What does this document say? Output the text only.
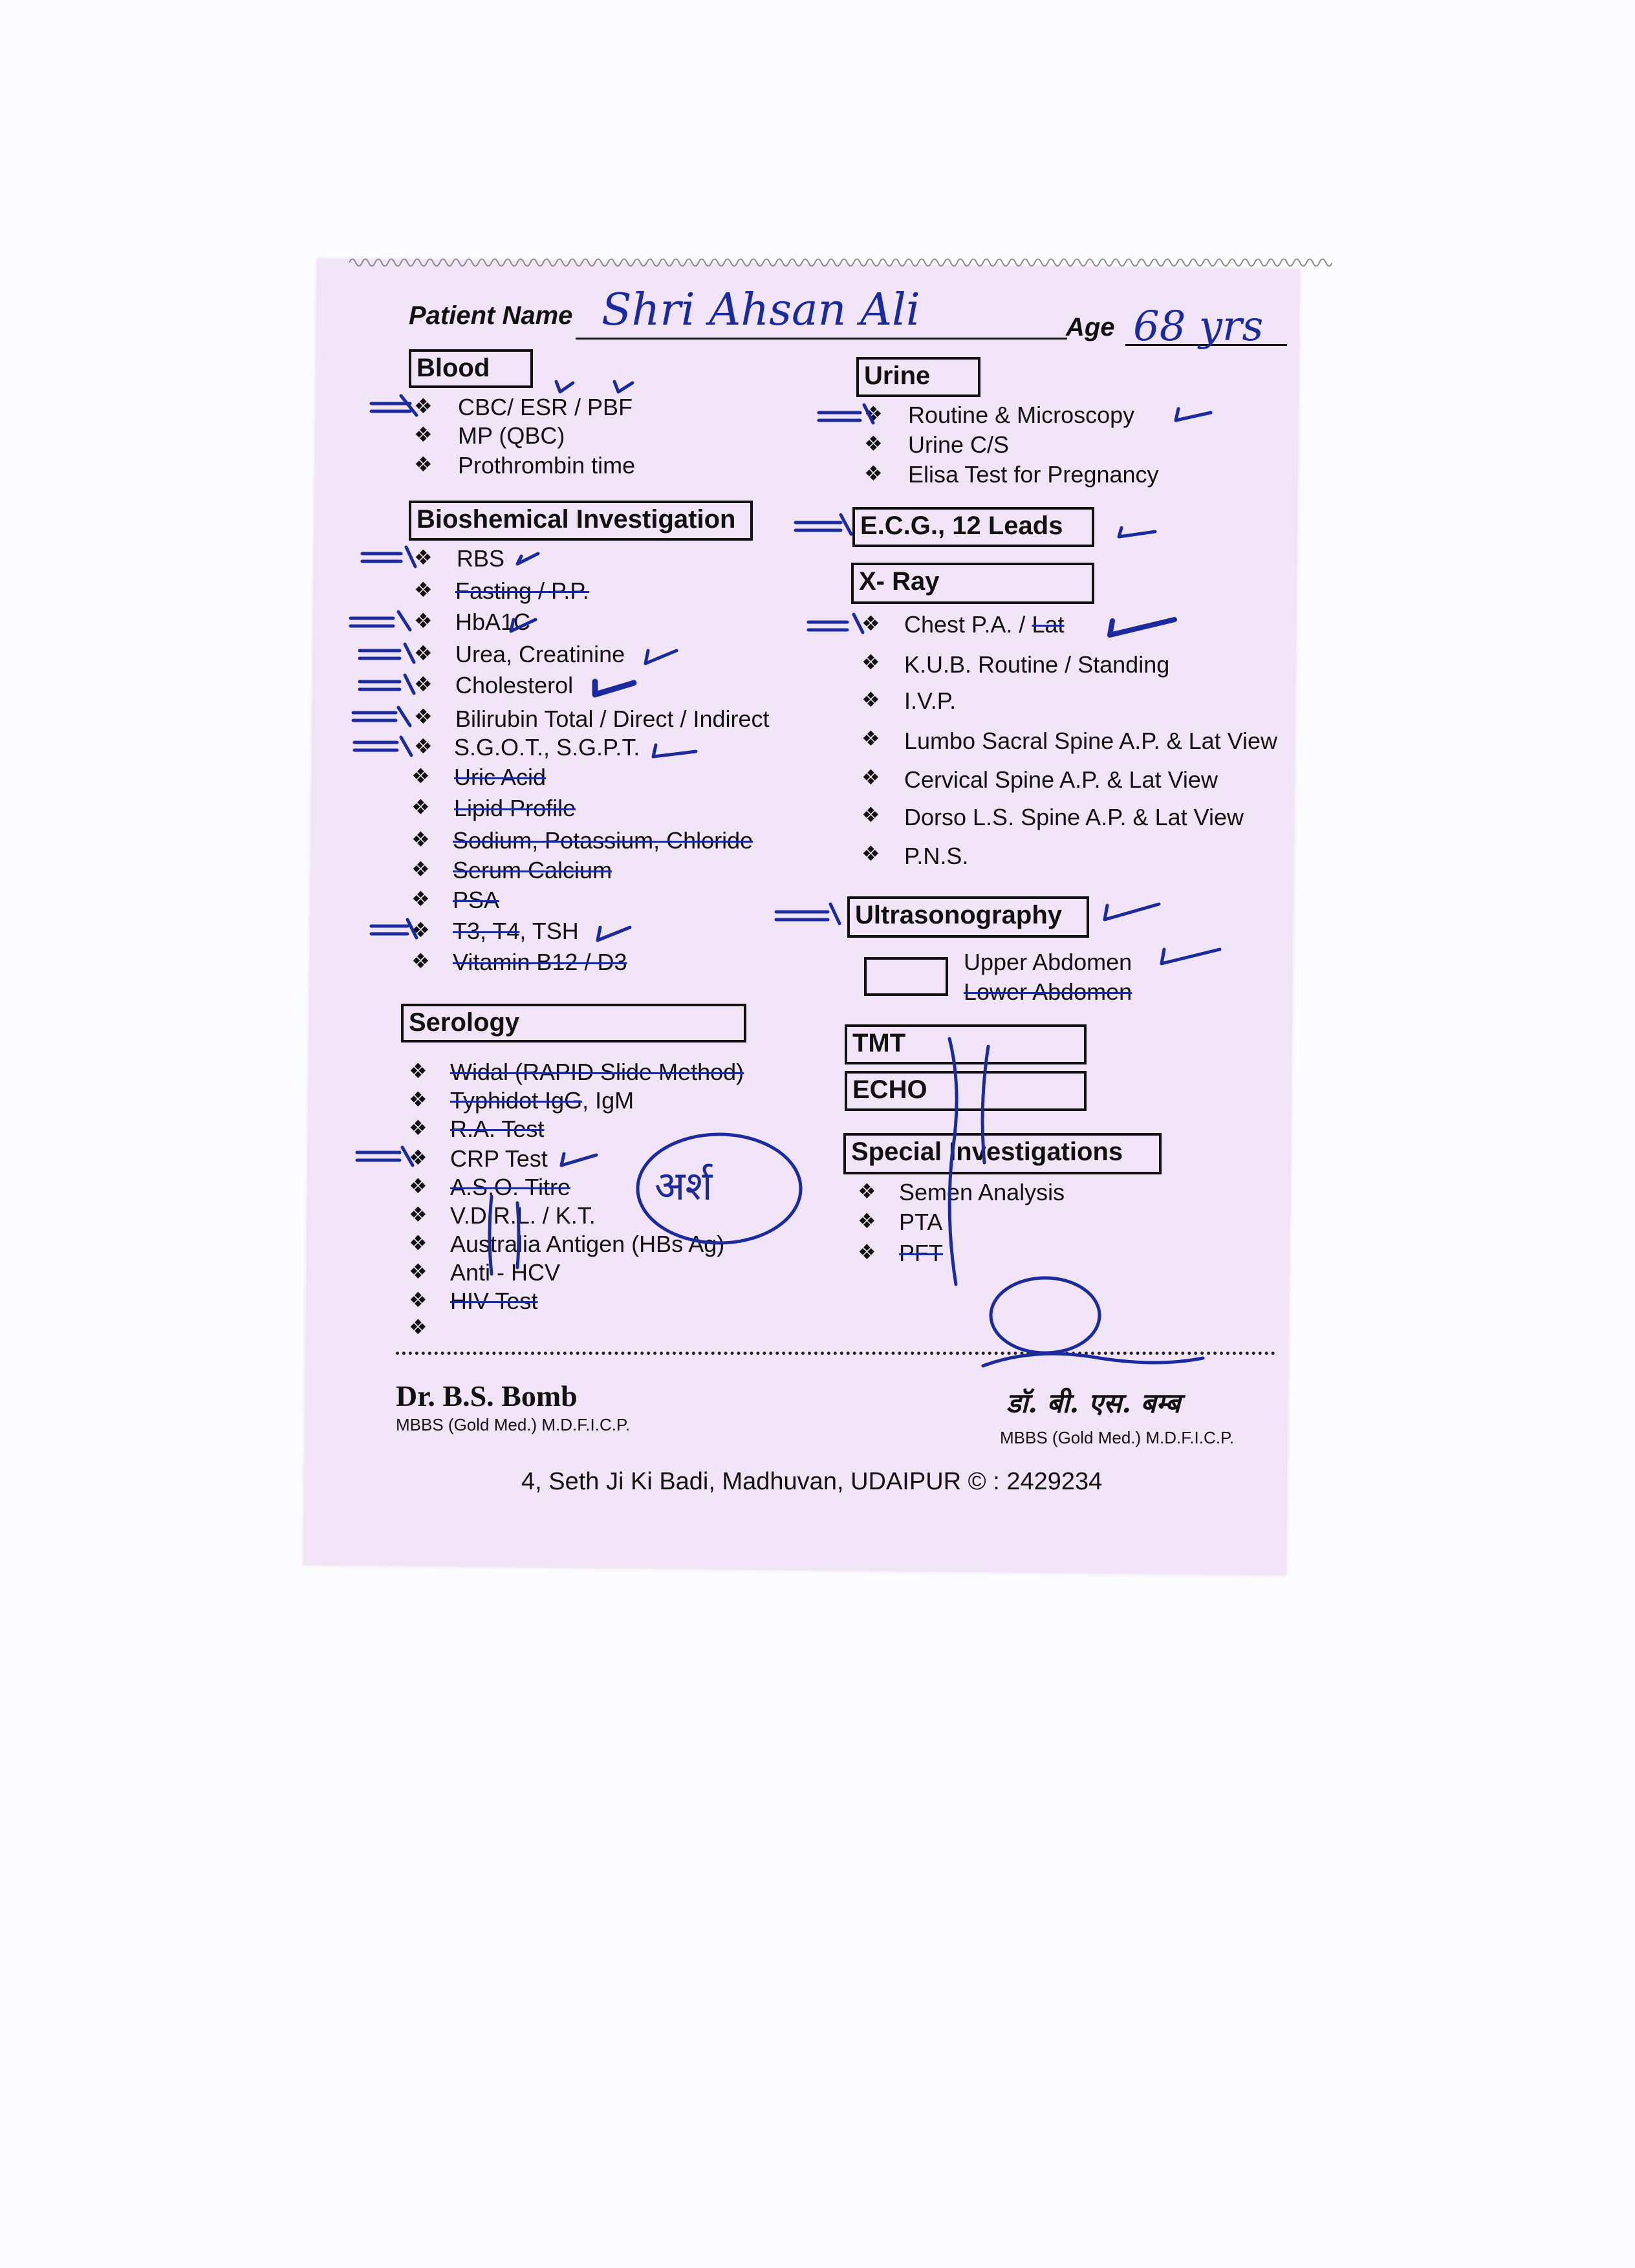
Patient Name Shri Ahsan Ali	Age 68 yrs
Blood
❖ CBC/ ESR / PBF
❖ MP (QBC)
❖ Prothrombin time
Bioshemical Investigation
❖ RBS
❖ Fasting / P.P.
❖ HbA1C
❖ Urea, Creatinine
❖ Cholesterol
❖ Bilirubin Total / Direct / Indirect
❖ S.G.O.T., S.G.P.T.
❖ Uric Acid
❖ Lipid Profile
❖ Sodium, Potassium, Chloride
❖ Serum Calcium
❖ PSA
❖ T3, T4, TSH
❖ Vitamin B12 / D3
Serology
❖ Widal (RAPID Slide Method)
❖ Typhidot IgG, IgM
❖ R.A. Test
❖ CRP Test
❖ A.S.O. Titre
❖ V.D.R.L. / K.T.
❖ Australia Antigen (HBs Ag)
❖ Anti - HCV
❖ HIV Test
❖
Urine
❖ Routine & Microscopy
❖ Urine C/S
❖ Elisa Test for Pregnancy
E.C.G., 12 Leads
X- Ray
❖ Chest P.A. / Lat
❖ K.U.B. Routine / Standing
❖ I.V.P.
❖ Lumbo Sacral Spine A.P. & Lat View
❖ Cervical Spine A.P. & Lat View
❖ Dorso L.S. Spine A.P. & Lat View
❖ P.N.S.
Ultrasonography
Upper Abdomen
Lower Abdomen
TMT
ECHO
Special Investigations
❖ Semen Analysis
❖ PTA
❖ PFT
अर्श
Dr. B.S. Bomb
MBBS (Gold Med.) M.D.F.I.C.P.
डॉ. बी. एस. बम्ब
MBBS (Gold Med.) M.D.F.I.C.P.
4, Seth Ji Ki Badi, Madhuvan, UDAIPUR © : 2429234
